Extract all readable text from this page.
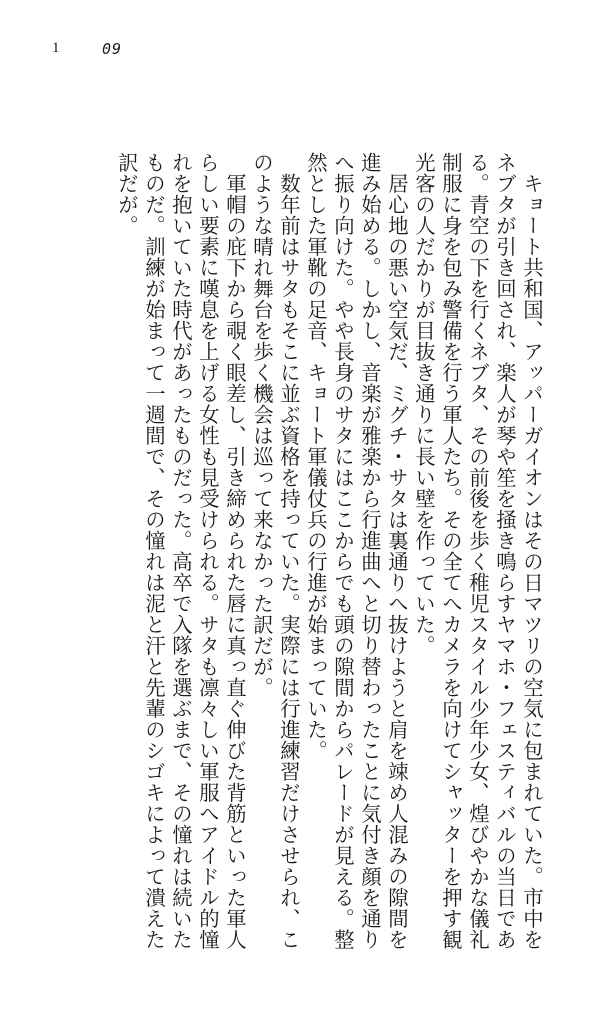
1	09

　キョート共和国、アッパーガイオンはその日マツリの空気に包まれていた。市中をネブタが引き回され、楽人が琴や笙を掻き鳴らすヤマホ・フェスティバルの当日である。青空の下を行くネブタ、その前後を歩く稚児スタイル少年少女、煌びやかな儀礼制服に身を包み警備を行う軍人たち。その全てへカメラを向けてシャッターを押す観光客の人だかりが目抜き通りに長い壁を作っていた。

　居心地の悪い空気だ、ミグチ・サタは裏通りへ抜けようと肩を竦め人混みの隙間を進み始める。しかし、音楽が雅楽から行進曲へと切り替わったことに気付き顔を通りへ振り向けた。やや長身のサタにはここからでも頭の隙間からパレードが見える。整然とした軍靴の足音、キョート軍儀仗兵の行進が始まっていた。

　数年前はサタもそこに並ぶ資格を持っていた。実際には行進練習だけさせられ、このような晴れ舞台を歩く機会は巡って来なかった訳だが。

　軍帽の庇下から覗く眼差し、引き締められた唇に真っ直ぐ伸びた背筋といった軍人らしい要素に嘆息を上げる女性も見受けられる。サタも凛々しい軍服へアイドル的憧れを抱いていた時代があったものだった。高卒で入隊を選ぶまで、その憧れは続いたものだ。訓練が始まって一週間で、その憧れは泥と汗と先輩のシゴキによって潰えた訳だが。
